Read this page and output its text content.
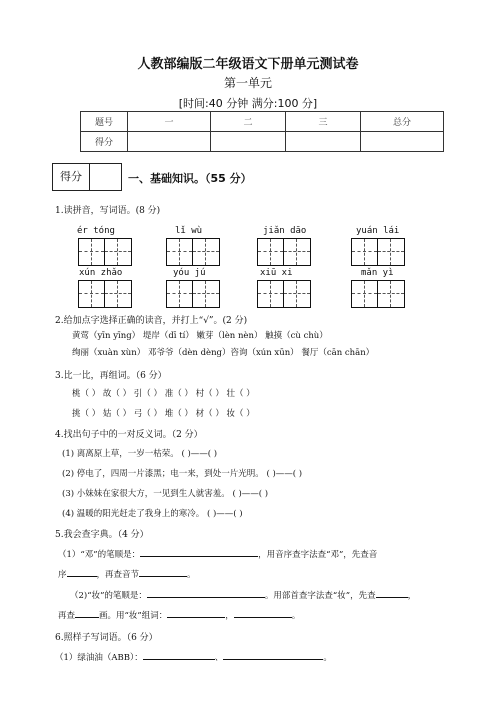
人教部编版二年级语文下册单元测试卷
第一单元
[时间:40 分钟 满分:100 分]
题号	一	二	三	总分
得分				
得分	一、基础知识。（55 分）
1.读拼音，写词语。(8 分)
ér tóng	lǐ wù	jiǎn dāo	yuán lái
xún zhǎo	yóu jú	xiū xi	mǎn yì
2.给加点字选择正确的读音，并打上“√”。(2 分)
黄莺（yīn yīng） 堤岸（dī tí） 嫩芽（lèn nèn） 触摸（cù chù）
绚丽（xuàn xùn） 邓爷爷（dèn dèng）咨询（xún xūn） 餐厅（cān chān）
3.比一比，再组词。（6 分）
桃（ ） 故（ ） 引（ ） 准（ ） 村（ ） 壮（ ）
挑（ ） 姑（ ） 弓（ ） 堆（ ） 材（ ） 妆（ ）
4.找出句子中的一对反义词。（2 分）
(1) 离离原上草，一岁一枯荣。 ( )——( )
(2) 停电了，四周一片漆黑；电一来，到处一片光明。 ( )——( )
(3) 小妹妹在家很大方，一见到生人就害羞。 ( )——( )
(4) 温暖的阳光赶走了我身上的寒冷。 ( )——( )
5.我会查字典。（4 分）
（1）“邓”的笔顺是：	，用音序查字法查“邓”，先查音
序	，再查音节	。
（2)“妆”的笔顺是：	。用部首查字法查“妆”，先查	，
再查	画。用“妆”组词：	，	。
6.照样子写词语。（6 分）
（1）绿油油（ABB）：	、	。
